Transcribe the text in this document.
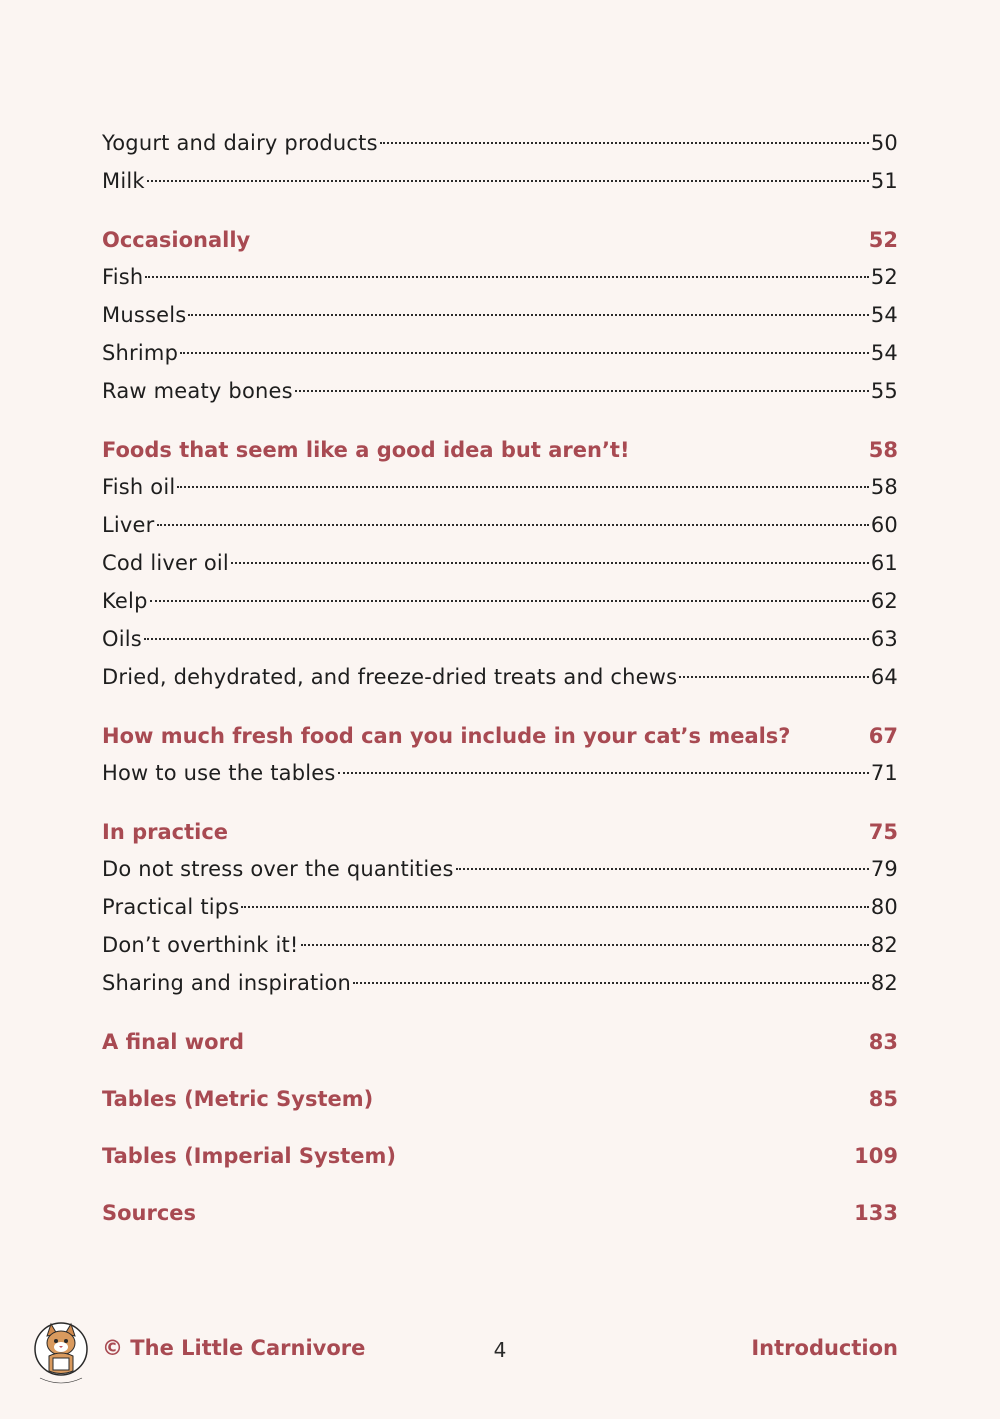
Yogurt and dairy products	50
Milk	51
Occasionally	52
Fish	52
Mussels	54
Shrimp	54
Raw meaty bones	55
Foods that seem like a good idea but aren’t!	58
Fish oil	58
Liver	60
Cod liver oil	61
Kelp	62
Oils	63
Dried, dehydrated, and freeze-dried treats and chews	64
How much fresh food can you include in your cat’s meals?	67
How to use the tables	71
In practice	75
Do not stress over the quantities	79
Practical tips	80
Don’t overthink it!	82
Sharing and inspiration	82
A final word	83
Tables (Metric System)	85
Tables (Imperial System)	109
Sources	133
© The Little Carnivore	4	Introduction
